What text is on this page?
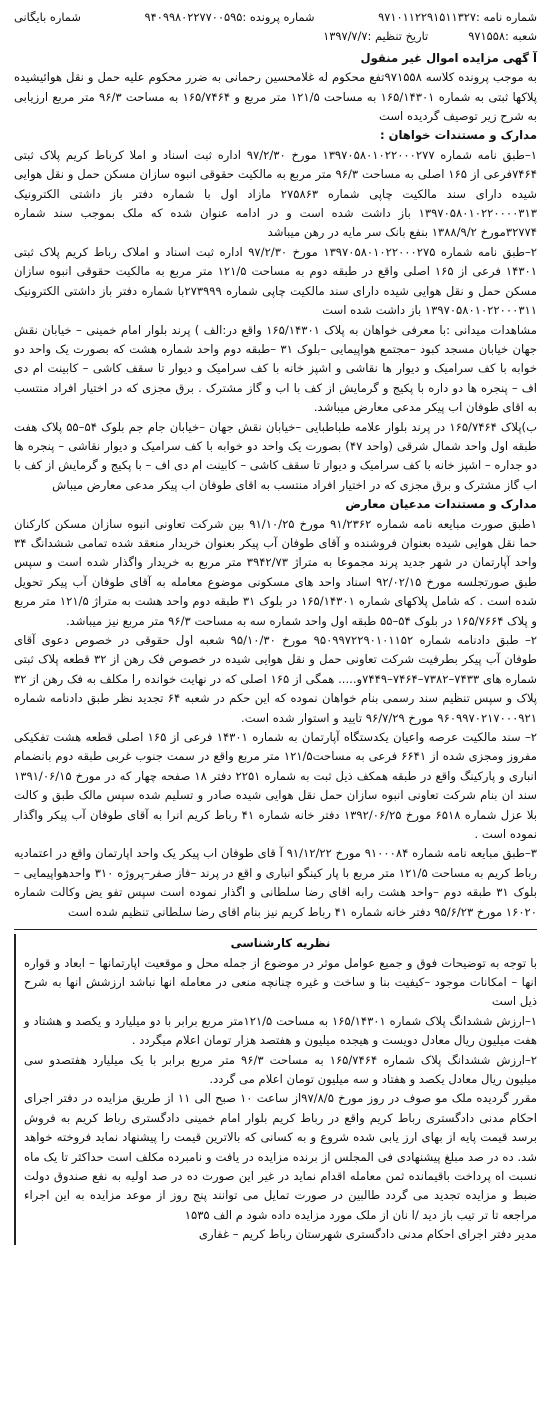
شماره نامه :۹۷۱۰۱۱۲۲۹۱۵۱۱۳۲۷
شماره پرونده :۹۴۰۹۹۸۰۲۲۷۷۰۰۵۹۵
شماره بایگانی
شعبه :۹۷۱۵۵۸
تاریخ تنظیم :۱۳۹۷/۷/۷

آ گهی مزایده اموال غیر منقول

به موجب پرونده کلاسه ۹۷۱۵۵۸تفع محکوم له غلامحسین رحمانی به ضرر محکوم علیه حمل و نقل هوائیشیده پلاکها ثبتی به شماره ۱۶۵/۱۴۳۰۱ به مساحت ۱۲۱/۵ متر مربع و ۱۶۵/۷۴۶۴ به مساحت ۹۶/۳ متر مربع ارزیابی به شرح زیر توصیف گردیده است

مدارک و مستندات خواهان :

۱–طبق نامه شماره ۱۳۹۷۰۵۸۰۱۰۲۲۰۰۰۲۷۷ مورخ ۹۷/۲/۳۰ اداره ثبت اسناد و املا کرباط کریم پلاک ثبتی ۷۴۶۴فرعی از ۱۶۵ اصلی به مساحت ۹۶/۳ متر مربع به مالکیت حقوقی انبوه سازان مسکن حمل و نقل هوایی شیده دارای سند مالکیت چاپی شماره ۲۷۵۸۶۳ مازاد اول با شماره دفتر باز داشتی الکترونیک ۱۳۹۷۰۵۸۰۱۰۲۲۰۰۰۰۳۱۳ باز داشت شده است و در ادامه عنوان شده که ملک بموجب سند شماره ۳۲۷۷۴مورخ ۱۳۸۸/۹/۲ بنفع بانک سر مایه در رهن میباشد

۲–طبق نامه شماره ۱۳۹۷۰۵۸۰۱۰۲۲۰۰۰۲۷۵ مورخ ۹۷/۲/۳۰ اداره ثبت اسناد و املاک رباط کریم پلاک ثبتی ۱۴۳۰۱ فرعی از ۱۶۵ اصلی واقع در طبقه دوم به مساحت ۱۲۱/۵ متر مربع به مالکیت حقوقی انبوه سازان مسکن حمل و نقل هوایی شیده دارای سند مالکیت چاپی شماره ۲۷۳۹۹۹با شماره دفتر باز داشتی الکترونیک ۱۳۹۷۰۵۸۰۱۰۲۲۰۰۰۳۱۱ باز داشت شده است

مشاهدات میدانی :با معرفی خواهان به پلاک ۱۶۵/۱۴۳۰۱ واقع در:الف ) پرند بلوار امام خمینی – خیابان نقش جهان خیابان مسجد کبود –مجتمع هواپیمایی –بلوک ۳۱ –طبقه دوم واحد شماره هشت که بصورت یک واحد دو خوابه با کف سرامیک و دیوار ها نقاشی و اشپز خانه با کف سرامیک و دیوار تا سقف کاشی – کابینت ام دی اف – پنجره ها دو داره با پکیج و گرمایش از کف با اب و گاز مشترک . برق مجزی که در اختیار افراد منتسب به اقای طوفان اب پیکر مدعی معارض میباشد.

ب)پلاک ۱۶۵/۷۴۶۴ در پرند بلوار علامه طباطبایی –خیابان نقش جهان –خیابان جام جم بلوک ۵۴–۵۵ پلاک هفت طبقه اول واحد شمال شرقی (واحد ۴۷) بصورت یک واحد دو خوابه با کف سرامیک و دیوار نقاشی – پنجره ها دو جداره – اشپز خانه با کف سرامیک و دیوار تا سقف کاشی – کابینت ام دی اف – با پکیج و گرمایش از کف با اب گاز مشترک و برق مجزی که در اختیار افراد منتسب به اقای طوفان اب پیکر مدعی معارض میباش

مدارک و مستندات مدعیان معارض

۱طبق صورت مبایعه نامه شماره ۹۱/۲۳۶۲ مورخ ۹۱/۱۰/۲۵ بین شرکت تعاونی انبوه سازان مسکن کارکنان حما نقل هوایی شیده بعنوان فروشنده و آقای طوفان آب پیکر بعنوان خریدار منعقد شده تمامی ششدانگ ۳۴ واحد آپارتمان در شهر جدید پرند مجموعا به متراژ ۳۹۴۲/۷۳ متر مربع به خریدار واگذار شده است و سپس طبق صورتجلسه مورخ ۹۲/۰۲/۱۵ اسناد واحد های مسکونی موضوع معامله به آقای طوفان آب پیکر تحویل شده است . که شامل پلاکهای شماره ۱۶۵/۱۴۳۰۱ در بلوک ۳۱ طبقه دوم واحد هشت به متراژ ۱۲۱/۵ متر مربع و پلاک ۱۶۵/۷۶۶۴ در بلوک ۵۴–۵۵ طبقه اول واحد شماره سه به مساحت ۹۶/۳ متر مربع نیز میباشد.

۲– طبق دادنامه شماره ۹۵۰۹۹۷۲۲۹۰۱۰۱۱۵۲ مورخ ۹۵/۱۰/۳۰ شعبه اول حقوقی در خصوص دعوی آقای طوفان آب پیکر بطرفیت شرکت تعاونی حمل و نقل هوایی شیده در خصوص فک رهن از ۳۲ قطعه پلاک ثبتی شماره های ۷۴۳۳–۷۳۸۲–۷۴۶۴–۷۴۴۹و..... همگی از ۱۶۵ اصلی که در نهایت خوانده را مکلف به فک رهن از ۳۲ پلاک و سپس تنظیم سند رسمی بنام خواهان نموده که این حکم در شعبه ۶۴ تجدید نظر طبق دادنامه شماره ۹۶۰۹۹۷۰۲۱۷۰۰۰۹۲۱ مورخ ۹۶/۷/۲۹ تایید و استوار شده است.

۲– سند مالکیت عرصه واعیان یکدستگاه آپارتمان به شماره ۱۴۳۰۱ فرعی از ۱۶۵ اصلی قطعه هشت تفکیکی مفروز ومجزی شده از ۶۶۴۱ فرعی به مساحت۱۲۱/۵ متر مربع واقع در سمت جنوب غربی طبقه دوم بانضمام انباری و پارکینگ واقع در طبقه همکف ذیل ثبت به شماره ۲۲۵۱ دفتر ۱۸ صفحه چهار که در مورخ ۱۳۹۱/۰۶/۱۵ سند ان بنام شرکت تعاونی انبوه سازان حمل نقل هوایی شیده صادر و تسلیم شده سپس مالک طبق و کالت بلا عزل شماره ۶۵۱۸ مورخ ۱۳۹۲/۰۶/۲۵ دفتر خانه شماره ۴۱ رباط کریم انرا به آقای طوفان آب پیکر واگذار نموده است .

۳–طبق مبایعه نامه شماره ۹۱۰۰۰۸۴ مورخ ۹۱/۱۲/۲۲ آ قای طوفان اب پیکر یک واحد اپارتمان واقع در اعتمادیه رباط کریم به مساحت ۱۲۱/۵ متر مربع با پار کینگو انباری و اقع در پرند –فاز صفر–پروژه ۳۱۰ واحدهواپیمایی –بلوک ۳۱ طبقه دوم –واحد هشت رابه اقای رضا سلطانی و اگذار نموده است سپس تفو یض وکالت شماره ۱۶۰۲۰ مورخ ۹۵/۶/۲۳ دفتر خانه شماره ۴۱ رباط کریم نیز بنام اقای رضا سلطانی تنظیم شده است

نظریه کارشناسی

با توجه به توضیحات فوق و جمیع عوامل موثر در موضوع از جمله محل و موقعیت اپارتمانها – ابعاد و قواره انها – امکانات موجود –کیفیت بنا و ساخت و غیره چنانچه منعی در معامله انها نباشد ارزشش انها به شرح ذیل است

۱–ارزش ششدانگ پلاک شماره ۱۶۵/۱۴۳۰۱ به مساحت ۱۲۱/۵متر مربع برابر با دو میلیارد و یکصد و هشتاد و هفت میلیون ریال معادل دویست و هیجده میلیون و هفتصد هزار تومان اعلام میگردد .

۲–ارزش ششدانگ پلاک شماره ۱۶۵/۷۴۶۴ به مساحت ۹۶/۳ متر مربع برابر با یک میلیارد هفتصدو سی میلیون ریال معادل یکصد و هفتاد و سه میلیون تومان اعلام می گردد.

مقرر گردیده ملک مو صوف در روز مورخ ۹۷/۸/۵از ساعت ۱۰ صبح الی ۱۱ از طریق مزایده در دفتر اجرای احکام مدنی دادگستری رباط کریم واقع در رباط کریم بلوار امام خمینی دادگستری رباط کریم به فروش برسد قیمت پایه از بهای ارز یابی شده شروع و به کسانی که بالاترین قیمت را پیشنهاد نماید فروخته خواهد شد. ده در صد مبلغ پیشنهادی فی المجلس از برنده مزایده در یافت و نامبرده مکلف است حداکثر تا یک ماه نسبت اه پرداخت باقیمانده ثمن معامله اقدام نماید در غیر این صورت ده در صد اولیه به نفع صندوق دولت ضبط و مزایده تجدید می گردد طالبین در صورت تمایل می توانند پنج روز از موعد مزایده به این اجراء مراجعه تا تر تیب باز دید /ا نان از ملک مورد مزایده داده شود م الف ۱۵۳۵

مدیر دفتر اجرای احکام مدنی دادگستری شهرستان رباط کریم – غفاری
